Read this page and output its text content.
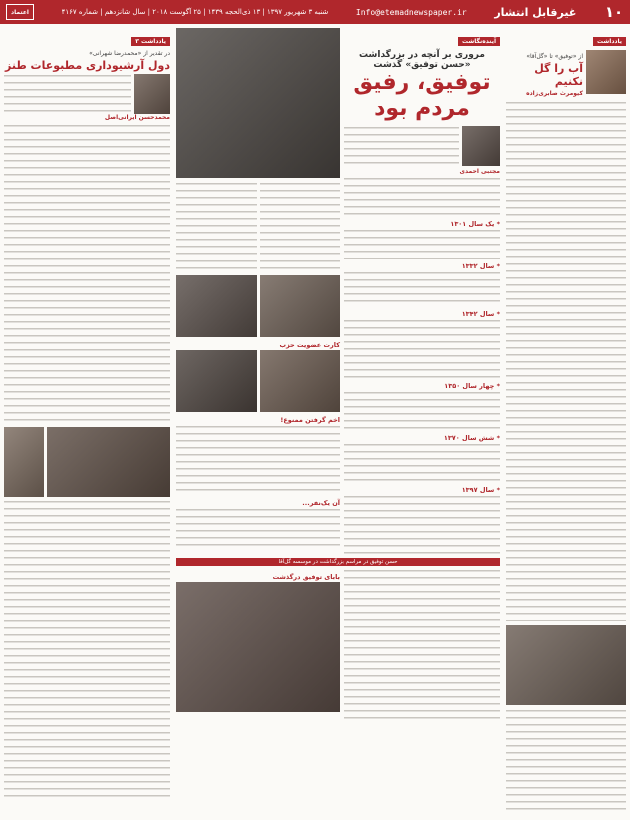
۱۰
غیرقابل انتشار
Info@etemadnewspaper.ir
شنبه ۳ شهریور ۱۳۹۷ | ۱۳ ذی‌الحجه ۱۴۳۹ | ۲۵ آگوست ۲۰۱۸ | سال شانزدهم | شماره ۴۱۶۷
اعتماد
یادداشت
از «توفیق» تا «گل‌آقا»
آب را گل نکنیم
کیومرث صابری‌زاده
آینده‌نگاشت
مروری بر آنچه در بزرگداشت «حسن توفیق» گذشت
توفیق، رفیق مردم بود
مجتبی احمدی
* یک سال ۱۳۰۱
* سال ۱۳۳۲
* سال ۱۳۴۲
* چهار سال ۱۳۵۰
* شش سال ۱۳۷۰
* سال ۱۳۹۷
کارت عضویت حزب
اخم گرفتن ممنوع!
آن یک‌نفر...
حسن توفیق در مراسم بزرگداشت در موسسه گل‌آقا
بابای توفیق درگذشت
یادداشت ۳
در تقدیر از «محمدرضا شهرانی»
دول آرشیوداری مطبوعات طنز
محمدحسن ایرانی‌اصل
